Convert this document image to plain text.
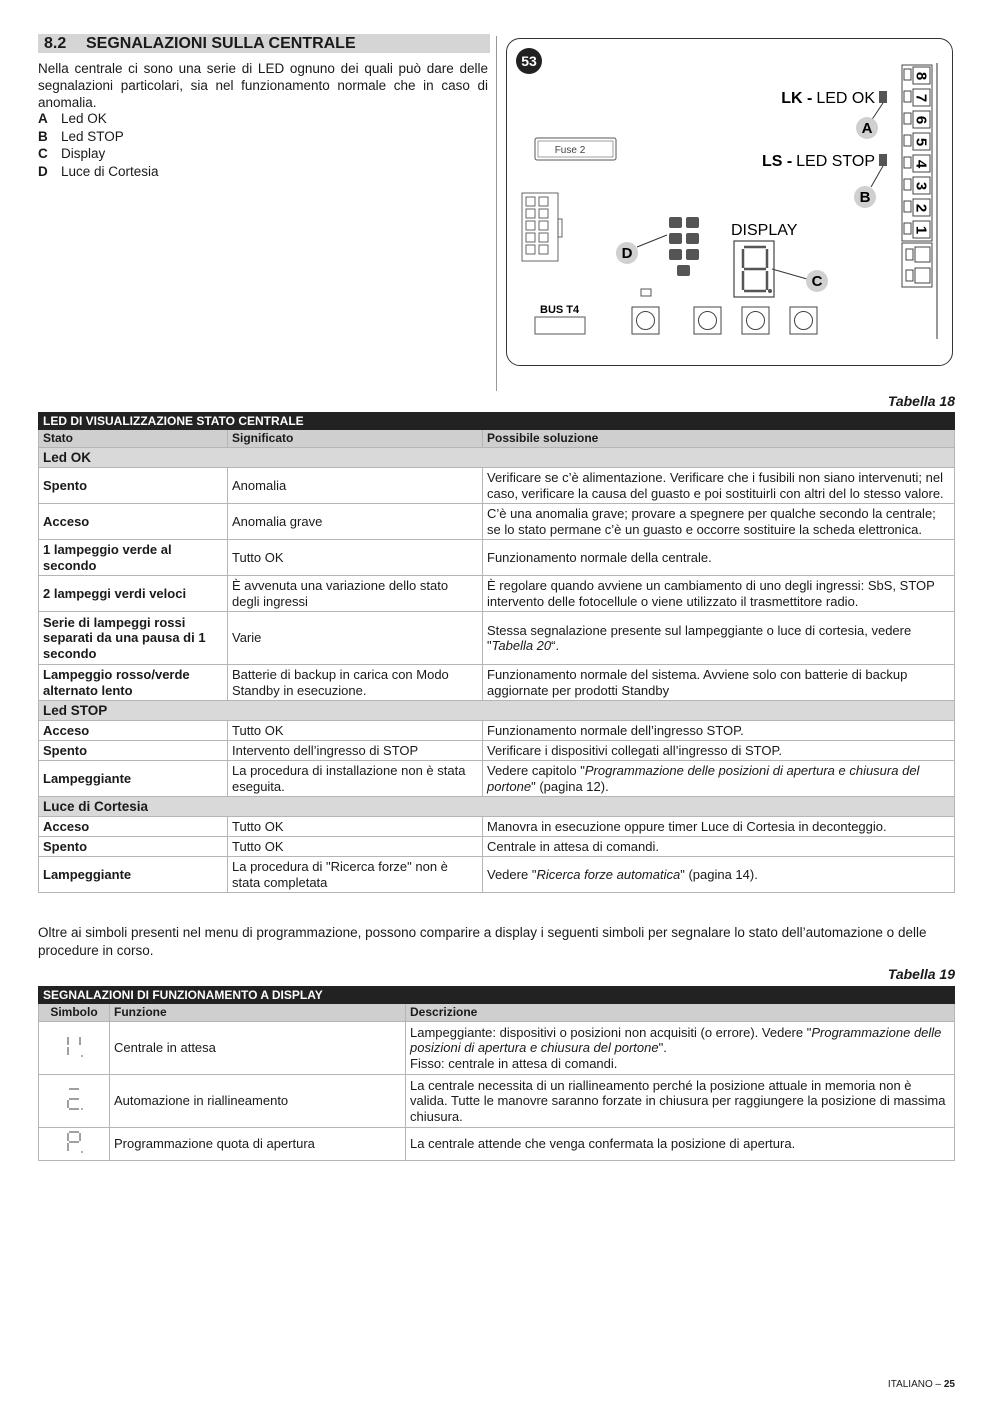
8.2 SEGNALAZIONI SULLA CENTRALE
Nella centrale ci sono una serie di LED ognuno dei quali può dare delle segnalazioni particolari, sia nel funzionamento normale che in caso di anomalia.
A Led OK
B Led STOP
C Display
D Luce di Cortesia
53
Fuse 2
LK - LED OK
LS - LED STOP
A
B
C
D
DISPLAY
BUS T4
8
7
6
5
4
3
2
1
Tabella 18
LED DI VISUALIZZAZIONE STATO CENTRALE		
Stato	Significato	Possibile soluzione
Led OK		
Spento	Anomalia	Verificare se c’è alimentazione. Verificare che i fusibili non siano intervenuti; nel caso, verificare la causa del guasto e poi sostituirli con altri del lo stesso valore.
Acceso	Anomalia grave	C’è una anomalia grave; provare a spegnere per qualche secondo la centrale; se lo stato permane c’è un guasto e occorre sostituire la scheda elettronica.
1 lampeggio verde al secondo	Tutto OK	Funzionamento normale della centrale.
2 lampeggi verdi veloci	È avvenuta una variazione dello stato degli ingressi	È regolare quando avviene un cambiamento di uno degli ingressi: SbS, STOP intervento delle fotocellule o viene utilizzato il trasmettitore radio.
Serie di lampeggi rossi separati da una pausa di 1 secondo	Varie	Stessa segnalazione presente sul lampeggiante o luce di cortesia, vedere "Tabella 20“.
Lampeggio rosso/verde alternato lento	Batterie di backup in carica con Modo Standby in esecuzione.	Funzionamento normale del sistema. Avviene solo con batterie di backup aggiornate per prodotti Standby
Led STOP		
Acceso	Tutto OK	Funzionamento normale dell’ingresso STOP.
Spento	Intervento dell’ingresso di STOP	Verificare i dispositivi collegati all’ingresso di STOP.
Lampeggiante	La procedura di installazione non è stata eseguita.	Vedere capitolo "Programmazione delle posizioni di apertura e chiusura del portone" (pagina 12).
Luce di Cortesia		
Acceso	Tutto OK	Manovra in esecuzione oppure timer Luce di Cortesia in deconteggio.
Spento	Tutto OK	Centrale in attesa di comandi.
Lampeggiante	La procedura di "Ricerca forze" non è stata completata	Vedere "Ricerca forze automatica" (pagina 14).
Oltre ai simboli presenti nel menu di programmazione, possono comparire a display i seguenti simboli per segnalare lo stato dell’automazione o delle procedure in corso.
Tabella 19
SEGNALAZIONI DI FUNZIONAMENTO A DISPLAY		
Simbolo	Funzione	Descrizione
	Centrale in attesa	Lampeggiante: dispositivi o posizioni non acquisiti (o errore). Vedere "Programmazione delle posizioni di apertura e chiusura del portone".
Fisso: centrale in attesa di comandi.
	Automazione in riallineamento	La centrale necessita di un riallineamento perché la posizione attuale in memoria non è valida. Tutte le manovre saranno forzate in chiusura per raggiungere la posizione di massima chiusura.
	Programmazione quota di apertura	La centrale attende che venga confermata la posizione di apertura.
ITALIANO – 25
